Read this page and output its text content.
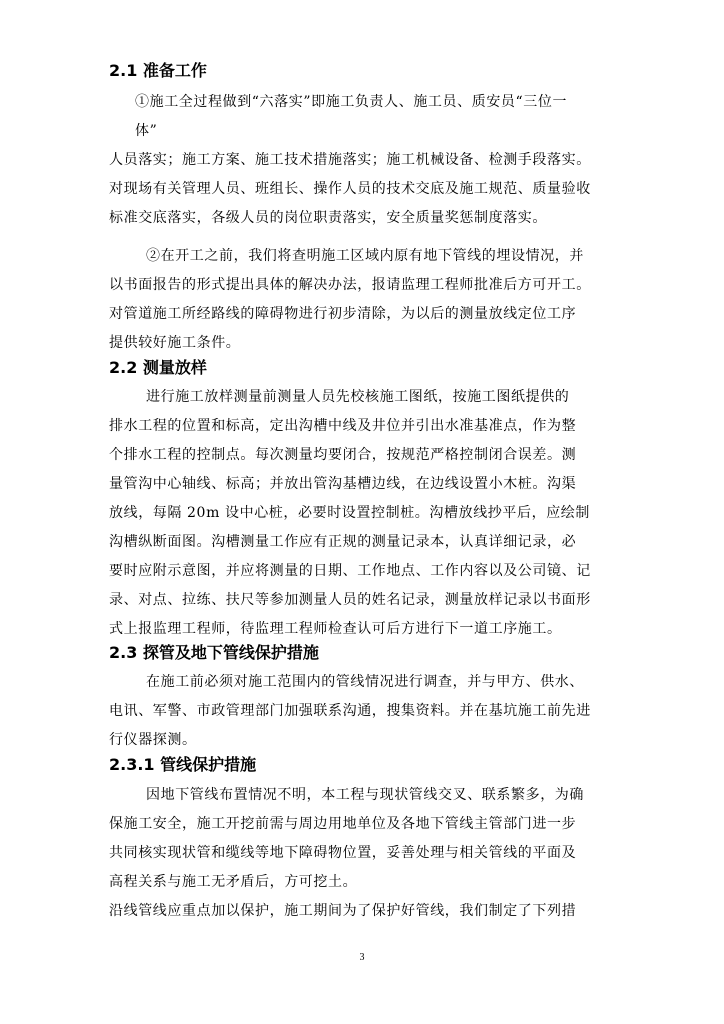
2.1 准备工作
①施工全过程做到“六落实”即施工负责人、施工员、质安员“三位一
体”
人员落实；施工方案、施工技术措施落实；施工机械设备、检测手段落实。
对现场有关管理人员、班组长、操作人员的技术交底及施工规范、质量验收
标准交底落实，各级人员的岗位职责落实，安全质量奖惩制度落实。
②在开工之前，我们将查明施工区域内原有地下管线的埋设情况，并
以书面报告的形式提出具体的解决办法，报请监理工程师批准后方可开工。
对管道施工所经路线的障碍物进行初步清除，为以后的测量放线定位工序
提供较好施工条件。
2.2 测量放样
进行施工放样测量前测量人员先校核施工图纸，按施工图纸提供的
排水工程的位置和标高，定出沟槽中线及井位并引出水准基准点，作为整
个排水工程的控制点。每次测量均要闭合，按规范严格控制闭合误差。测
量管沟中心轴线、标高；并放出管沟基槽边线，在边线设置小木桩。沟渠
放线，每隔 20m 设中心桩，必要时设置控制桩。沟槽放线抄平后，应绘制
沟槽纵断面图。沟槽测量工作应有正规的测量记录本，认真详细记录，必
要时应附示意图，并应将测量的日期、工作地点、工作内容以及公司镜、记
录、对点、拉练、扶尺等参加测量人员的姓名记录，测量放样记录以书面形
式上报监理工程师，待监理工程师检查认可后方进行下一道工序施工。
2.3 探管及地下管线保护措施
在施工前必须对施工范围内的管线情况进行调查，并与甲方、供水、
电讯、军警、市政管理部门加强联系沟通，搜集资料。并在基坑施工前先进
行仪器探测。
2.3.1 管线保护措施
因地下管线布置情况不明，本工程与现状管线交叉、联系繁多，为确
保施工安全，施工开挖前需与周边用地单位及各地下管线主管部门进一步
共同核实现状管和缆线等地下障碍物位置，妥善处理与相关管线的平面及
高程关系与施工无矛盾后，方可挖土。
沿线管线应重点加以保护，施工期间为了保护好管线，我们制定了下列措
3
